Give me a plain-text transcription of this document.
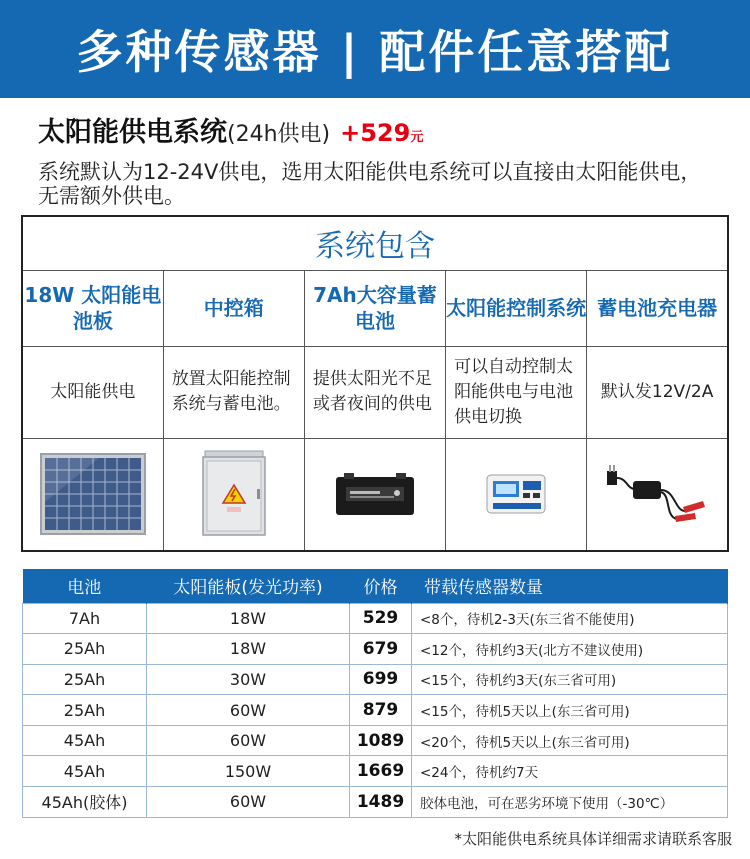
多种传感器 | 配件任意搭配
太阳能供电系统 (24h供电) +529 元
系统默认为12-24V供电，选用太阳能供电系统可以直接由太阳能供电，无需额外供电。
系统包含				
18W 太阳能电池板	中控箱	7Ah大容量蓄电池	太阳能控制系统	蓄电池充电器
太阳能供电	放置太阳能控制系统与蓄电池。	提供太阳光不足或者夜间的供电	可以自动控制太阳能供电与电池供电切换	默认发12V/2A

电池	太阳能板(发光功率)	价格	带载传感器数量
7Ah	18W	529	<8个，待机2-3天(东三省不能使用)
25Ah	18W	679	<12个，待机约3天(北方不建议使用)
25Ah	30W	699	<15个，待机约3天(东三省可用)
25Ah	60W	879	<15个，待机5天以上(东三省可用)
45Ah	60W	1089	<20个，待机5天以上(东三省可用)
45Ah	150W	1669	<24个，待机约7天
45Ah(胶体)	60W	1489	胶体电池，可在恶劣环境下使用（-30℃）
*太阳能供电系统具体详细需求请联系客服
